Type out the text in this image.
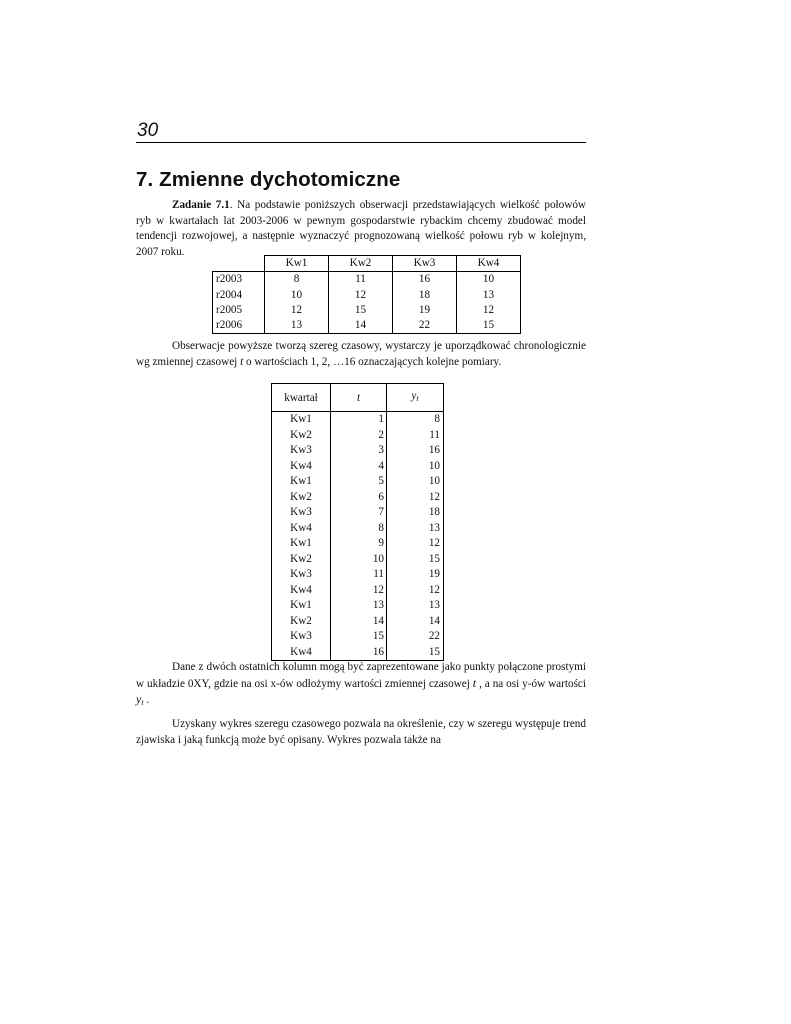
30
7. Zmienne dychotomiczne

Zadanie 7.1. Na podstawie poniższych obserwacji przedstawiających wielkość połowów ryb w kwartałach lat 2003-2006 w pewnym gospodarstwie rybackim chcemy zbudować model tendencji rozwojowej, a następnie wyznaczyć prognozowaną wielkość połowu ryb w kolejnym, 2007 roku.

	Kw1	Kw2	Kw3	Kw4
r2003	8	11	16	10
r2004	10	12	18	13
r2005	12	15	19	12
r2006	13	14	22	15

Obserwacje powyższe tworzą szereg czasowy, wystarczy je uporządkować chronologicznie wg zmiennej czasowej t o wartościach 1, 2, …16 oznaczających kolejne pomiary.

kwartał	t	$y_t$
Kw1	1	8
Kw2	2	11
Kw3	3	16
Kw4	4	10
Kw1	5	10
Kw2	6	12
Kw3	7	18
Kw4	8	13
Kw1	9	12
Kw2	10	15
Kw3	11	19
Kw4	12	12
Kw1	13	13
Kw2	14	14
Kw3	15	22
Kw4	16	15

Dane z dwóch ostatnich kolumn mogą być zaprezentowane jako punkty połączone prostymi w układzie 0XY, gdzie na osi x-ów odłożymy wartości zmiennej czasowej t , a na osi y-ów wartości $y_t$ .

Uzyskany wykres szeregu czasowego pozwala na określenie, czy w szeregu występuje trend zjawiska i jaką funkcją może być opisany. Wykres pozwala także na
